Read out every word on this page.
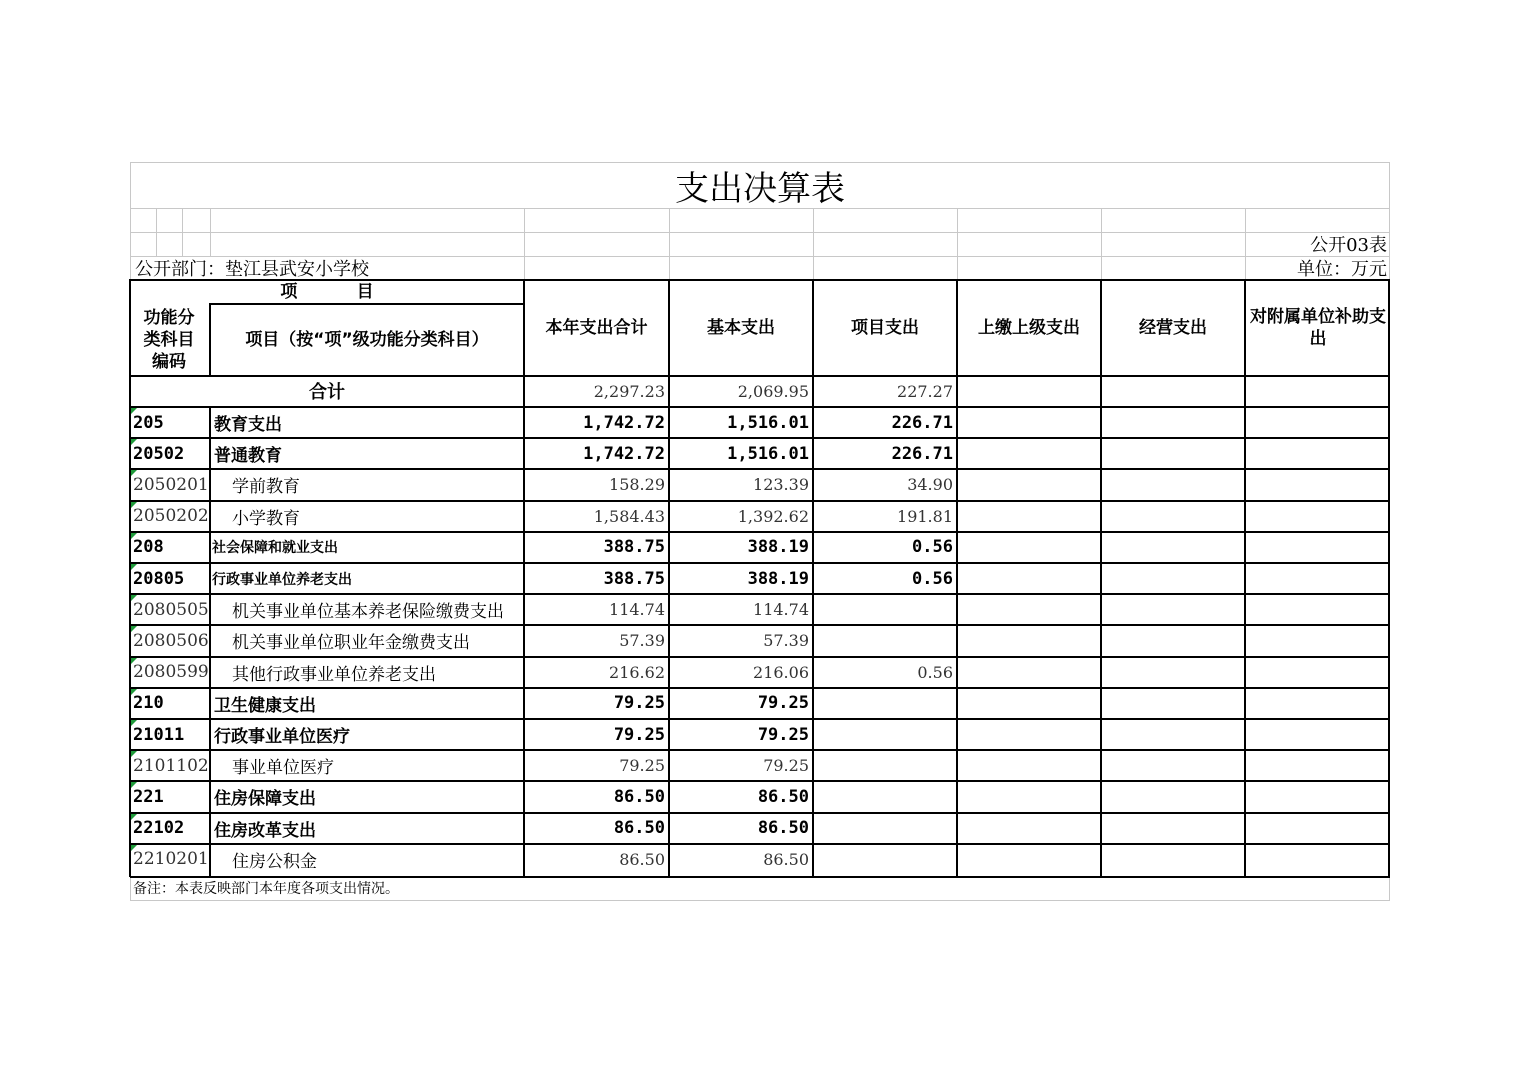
支出决算表
公开03表
公开部门：垫江县武安小学校	单位：万元
项          目
功能分类科目编码
项目（按“项”级功能分类科目）
本年支出合计	基本支出	项目支出	上缴上级支出	经营支出
对附属单位补助支出
合计	2,297.23	2,069.95	227.27
205	教育支出	1,742.72	1,516.01	226.71
20502	普通教育	1,742.72	1,516.01	226.71
2050201	学前教育	158.29	123.39	34.90
2050202	小学教育	1,584.43	1,392.62	191.81
208	社会保障和就业支出	388.75	388.19	0.56
20805	行政事业单位养老支出	388.75	388.19	0.56
2080505	机关事业单位基本养老保险缴费支出	114.74	114.74
2080506	机关事业单位职业年金缴费支出	57.39	57.39
2080599	其他行政事业单位养老支出	216.62	216.06	0.56
210	卫生健康支出	79.25	79.25
21011	行政事业单位医疗	79.25	79.25
2101102	事业单位医疗	79.25	79.25
221	住房保障支出	86.50	86.50
22102	住房改革支出	86.50	86.50
2210201	住房公积金	86.50	86.50
备注：本表反映部门本年度各项支出情况。
